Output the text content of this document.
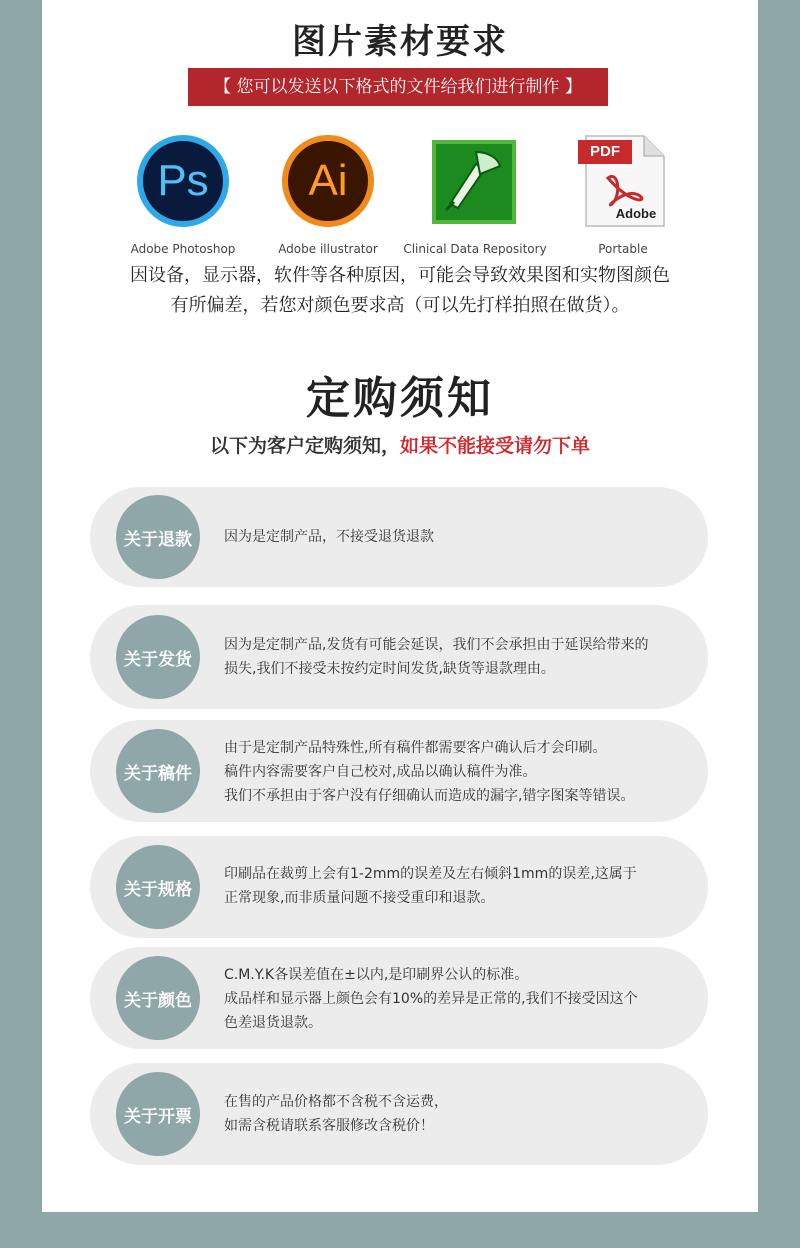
图片素材要求
【 您可以发送以下格式的文件给我们进行制作 】
Ps
Adobe Photoshop
Ai
Adobe illustrator	Clinical Data Repository
PDF
Adobe
Portable
因设备，显示器，软件等各种原因，可能会导致效果图和实物图颜色
有所偏差，若您对颜色要求高（可以先打样拍照在做货）。
定购须知
以下为客户定购须知，如果不能接受请勿下单
关于退款	因为是定制产品，不接受退货退款
关于发货
因为是定制产品,发货有可能会延误，我们不会承担由于延误给带来的
损失,我们不接受未按约定时间发货,缺货等退款理由。
关于稿件
由于是定制产品特殊性,所有稿件都需要客户确认后才会印刷。
稿件内容需要客户自己校对,成品以确认稿件为准。
我们不承担由于客户没有仔细确认而造成的漏字,错字图案等错误。
关于规格
印刷品在裁剪上会有1-2mm的误差及左右倾斜1mm的误差,这属于
正常现象,而非质量问题不接受重印和退款。
关于颜色
C.M.Y.K各误差值在±以内,是印刷界公认的标准。
成品样和显示器上颜色会有10%的差异是正常的,我们不接受因这个
色差退货退款。
关于开票
在售的产品价格都不含税不含运费，
如需含税请联系客服修改含税价！
